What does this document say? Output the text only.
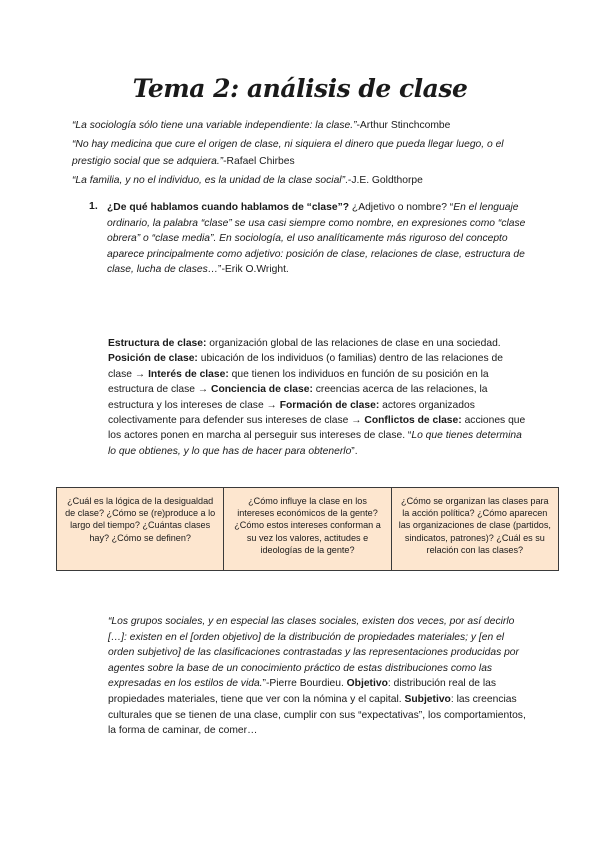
Tema 2: análisis de clase
“La sociología sólo tiene una variable independiente: la clase.”-Arthur Stinchcombe
“No hay medicina que cure el origen de clase, ni siquiera el dinero que pueda llegar luego, o el prestigio social que se adquiera.”-Rafael Chirbes
“La familia, y no el individuo, es la unidad de la clase social”.-J.E. Goldthorpe
1. ¿De qué hablamos cuando hablamos de “clase”? ¿Adjetivo o nombre? “En el lenguaje ordinario, la palabra “clase” se usa casi siempre como nombre, en expresiones como “clase obrera” o “clase media”. En sociología, el uso analíticamente más riguroso del concepto aparece principalmente como adjetivo: posición de clase, relaciones de clase, estructura de clase, lucha de clases…”-Erik O.Wright.
Estructura de clase: organización global de las relaciones de clase en una sociedad. Posición de clase: ubicación de los individuos (o familias) dentro de las relaciones de clase → Interés de clase: que tienen los individuos en función de su posición en la estructura de clase → Conciencia de clase: creencias acerca de las relaciones, la estructura y los intereses de clase → Formación de clase: actores organizados colectivamente para defender sus intereses de clase → Conflictos de clase: acciones que los actores ponen en marcha al perseguir sus intereses de clase. “Lo que tienes determina lo que obtienes, y lo que has de hacer para obtenerlo”.
¿Cuál es la lógica de la desigualdad de clase? ¿Cómo se (re)produce a lo largo del tiempo? ¿Cuántas clases hay? ¿Cómo se definen?
¿Cómo influye la clase en los intereses económicos de la gente? ¿Cómo estos intereses conforman a su vez los valores, actitudes e ideologías de la gente?
¿Cómo se organizan las clases para la acción política? ¿Cómo aparecen las organizaciones de clase (partidos, sindicatos, patrones)? ¿Cuál es su relación con las clases?
“Los grupos sociales, y en especial las clases sociales, existen dos veces, por así decirlo […]: existen en el [orden objetivo] de la distribución de propiedades materiales; y [en el orden subjetivo] de las clasificaciones contrastadas y las representaciones producidas por agentes sobre la base de un conocimiento práctico de estas distribuciones como las expresadas en los estilos de vida.”-Pierre Bourdieu. Objetivo: distribución real de las propiedades materiales, tiene que ver con la nómina y el capital. Subjetivo: las creencias culturales que se tienen de una clase, cumplir con sus “expectativas”, los comportamientos, la forma de caminar, de comer…
